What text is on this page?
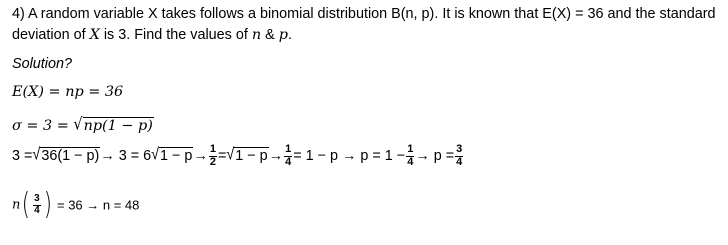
4) A random variable X takes follows a binomial distribution B(n, p). It is known that E(X) = 36 and the standard
deviation of X is 3. Find the values of n & p.
Solution?
E(X) = np = 36
σ = 3 = √np(1 − p)
$3 =√36(1 - p)\to 3 = 6√1 - p\to \frac{1}{2} =√1 - p\to \frac{1}{4} = 1 - p \to p = 1 - \frac{1}{4} \to p = \frac{3}{4}$
n ( $\frac{3}{4}$ ) = 36 → n = 48
